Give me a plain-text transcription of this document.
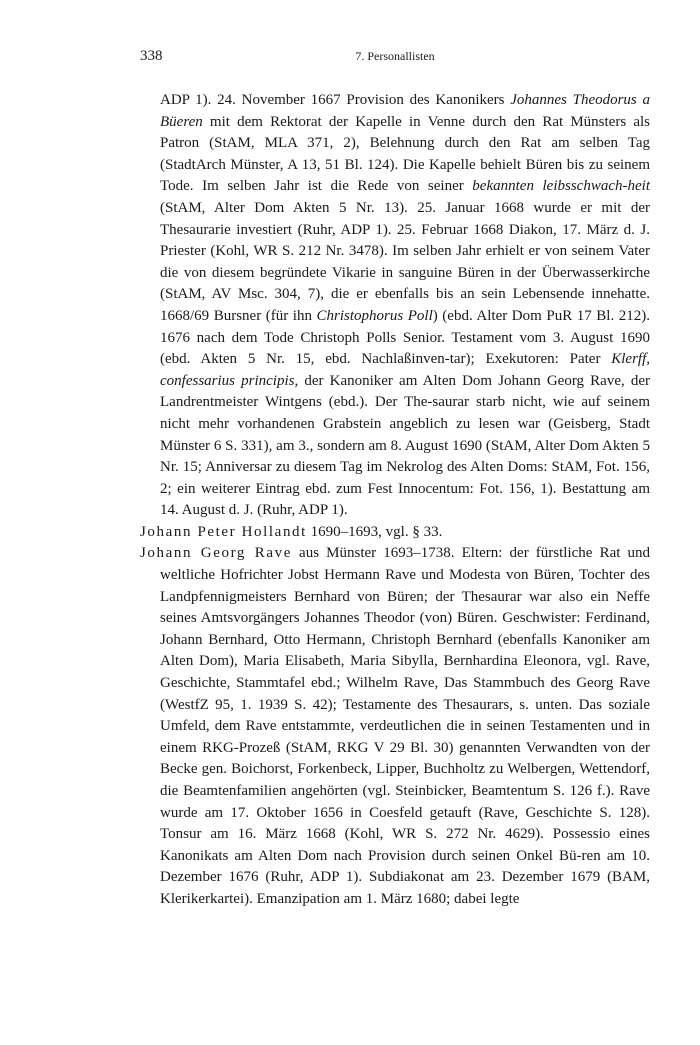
338	7. Personallisten

ADP 1). 24. November 1667 Provision des Kanonikers Johannes Theodorus a Büeren mit dem Rektorat der Kapelle in Venne durch den Rat Münsters als Patron (StAM, MLA 371, 2), Belehnung durch den Rat am selben Tag (StadtArch Münster, A 13, 51 Bl. 124). Die Kapelle behielt Büren bis zu seinem Tode. Im selben Jahr ist die Rede von seiner bekannten leibsschwach-heit (StAM, Alter Dom Akten 5 Nr. 13). 25. Januar 1668 wurde er mit der Thesaurarie investiert (Ruhr, ADP 1). 25. Februar 1668 Diakon, 17. März d. J. Priester (Kohl, WR S. 212 Nr. 3478). Im selben Jahr erhielt er von seinem Vater die von diesem begründete Vikarie in sanguine Büren in der Überwasserkirche (StAM, AV Msc. 304, 7), die er ebenfalls bis an sein Lebensende innehatte. 1668/69 Bursner (für ihn Christophorus Poll) (ebd. Alter Dom PuR 17 Bl. 212). 1676 nach dem Tode Christoph Polls Senior. Testament vom 3. August 1690 (ebd. Akten 5 Nr. 15, ebd. Nachlaßinven-tar); Exekutoren: Pater Klerff, confessarius principis, der Kanoniker am Alten Dom Johann Georg Rave, der Landrentmeister Wintgens (ebd.). Der The-saurar starb nicht, wie auf seinem nicht mehr vorhandenen Grabstein angeblich zu lesen war (Geisberg, Stadt Münster 6 S. 331), am 3., sondern am 8. August 1690 (StAM, Alter Dom Akten 5 Nr. 15; Anniversar zu diesem Tag im Nekrolog des Alten Doms: StAM, Fot. 156, 2; ein weiterer Eintrag ebd. zum Fest Innocentum: Fot. 156, 1). Bestattung am 14. August d. J. (Ruhr, ADP 1).

Johann Peter Hollandt 1690–1693, vgl. § 33.

Johann Georg Rave aus Münster 1693–1738. Eltern: der fürstliche Rat und weltliche Hofrichter Jobst Hermann Rave und Modesta von Büren, Tochter des Landpfennigmeisters Bernhard von Büren; der Thesaurar war also ein Neffe seines Amtsvorgängers Johannes Theodor (von) Büren. Geschwister: Ferdinand, Johann Bernhard, Otto Hermann, Christoph Bernhard (ebenfalls Kanoniker am Alten Dom), Maria Elisabeth, Maria Sibylla, Bernhardina Eleonora, vgl. Rave, Geschichte, Stammtafel ebd.; Wilhelm Rave, Das Stammbuch des Georg Rave (WestfZ 95, 1. 1939 S. 42); Testamente des Thesaurars, s. unten. Das soziale Umfeld, dem Rave entstammte, verdeutlichen die in seinen Testamenten und in einem RKG-Prozeß (StAM, RKG V 29 Bl. 30) genannten Verwandten von der Becke gen. Boichorst, Forkenbeck, Lipper, Buchholtz zu Welbergen, Wettendorf, die Beamtenfamilien angehörten (vgl. Steinbicker, Beamtentum S. 126 f.). Rave wurde am 17. Oktober 1656 in Coesfeld getauft (Rave, Geschichte S. 128). Tonsur am 16. März 1668 (Kohl, WR S. 272 Nr. 4629). Possessio eines Kanonikats am Alten Dom nach Provision durch seinen Onkel Bü-ren am 10. Dezember 1676 (Ruhr, ADP 1). Subdiakonat am 23. Dezember 1679 (BAM, Klerikerkartei). Emanzipation am 1. März 1680; dabei legte
